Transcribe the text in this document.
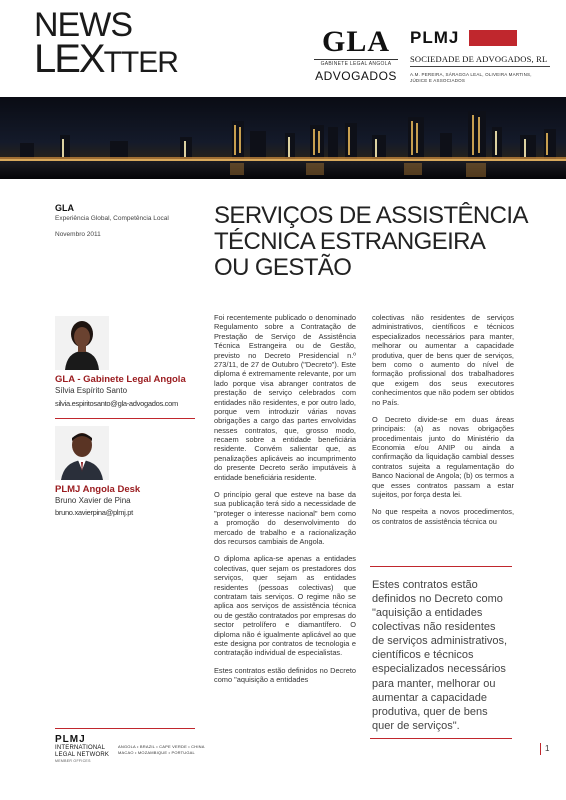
NEWS
LEXTTER
GLA
GABINETE LEGAL ANGOLA
ADVOGADOS
PLMJ
SOCIEDADE DE ADVOGADOS, RL
A.M. PEREIRA, SÁRAGGA LEAL, OLIVEIRA MARTINS, JÚDICE E ASSOCIADOS
GLA
Experiência Global, Competência Local
Novembro 2011
GLA - Gabinete Legal Angola
Sílvia Espírito Santo
silvia.espiritosanto@gla-advogados.com
PLMJ Angola Desk
Bruno Xavier de Pina
bruno.xavierpina@plmj.pt
PLMJ
INTERNATIONAL
LEGAL NETWORK
MEMBER OFFICES
ANGOLA • BRAZIL • CAPE VERDE • CHINA
MACAO • MOZAMBIQUE • PORTUGAL
SERVIÇOS DE ASSISTÊNCIA
TÉCNICA ESTRANGEIRA
OU GESTÃO

Foi recentemente publicado o denominado Regulamento sobre a Contratação de Prestação de Serviço de Assistência Técnica Estrangeira ou de Gestão, previsto no Decreto Presidencial n.º 273/11, de 27 de Outubro ("Decreto"). Este diploma é extremamente relevante, por um lado porque visa abranger contratos de prestação de serviço celebrados com entidades não residentes, e por outro lado, porque vem introduzir várias novas obrigações a cargo das partes envolvidas nesses contratos, que, grosso modo, recaem sobre a entidade beneficiária residente. Convém salientar que, as penalizações aplicáveis ao incumprimento do presente Decreto serão imputáveis à entidade beneficiária residente.

O princípio geral que esteve na base da sua publicação terá sido a necessidade de "proteger o interesse nacional" bem como a promoção do desenvolvimento do mercado de trabalho e a racionalização dos recursos cambiais de Angola.

O diploma aplica-se apenas a entidades colectivas, quer sejam os prestadores dos serviços, quer sejam as entidades residentes (pessoas colectivas) que contratam tais serviços. O regime não se aplica aos serviços de assistência técnica ou de gestão contratados por empresas do sector petrolífero e diamantífero. O diploma não é igualmente aplicável ao que este designa por contratos de tecnologia e contratação individual de especialistas.

Estes contratos estão definidos no Decreto como "aquisição a entidades

colectivas não residentes de serviços administrativos, científicos e técnicos especializados necessários para manter, melhorar ou aumentar a capacidade produtiva, quer de bens quer de serviços, bem como o aumento do nível de formação profissional dos trabalhadores que exigem dos seus executores conhecimentos que não podem ser obtidos no País.

O Decreto divide-se em duas áreas principais: (a) as novas obrigações procedimentais junto do Ministério da Economia e/ou ANIP ou ainda a confirmação da liquidação cambial desses contratos sujeita a regulamentação do Banco Nacional de Angola; (b) os termos a que esses contratos passam a estar sujeitos, por força desta lei.

No que respeita a novos procedimentos, os contratos de assistência técnica ou

Estes contratos estão definidos no Decreto como "aquisição a entidades colectivas não residentes de serviços administrativos, científicos e técnicos especializados necessários para manter, melhorar ou aumentar a capacidade produtiva, quer de bens quer de serviços".
1
